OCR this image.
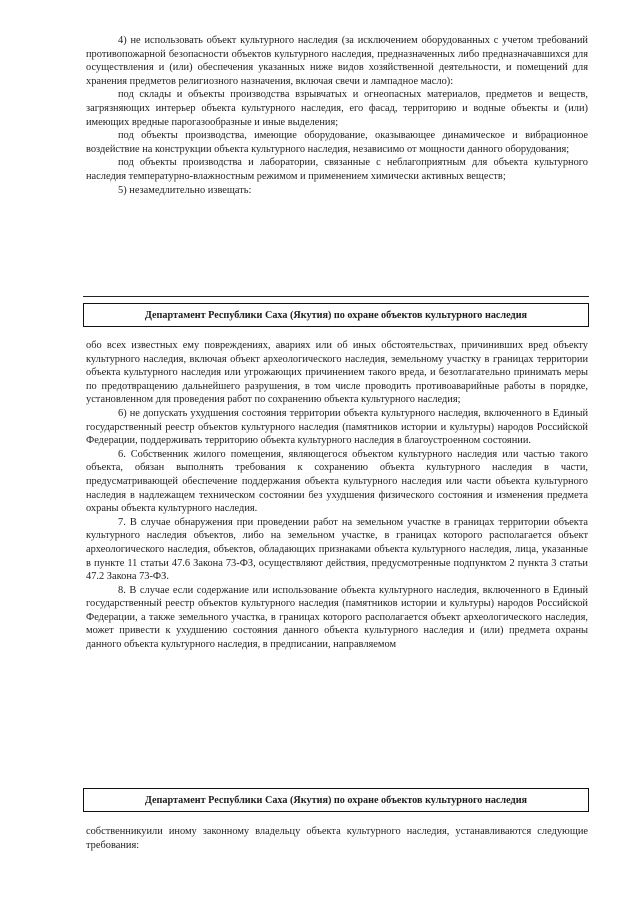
4) не использовать объект культурного наследия (за исключением оборудованных с учетом требований противопожарной безопасности объектов культурного наследия, предназначенных либо предназначавшихся для осуществления и (или) обеспечения указанных ниже видов хозяйственной деятельности, и помещений для хранения предметов религиозного назначения, включая свечи и лампадное масло):

под склады и объекты производства взрывчатых и огнеопасных материалов, предметов и веществ, загрязняющих интерьер объекта культурного наследия, его фасад, территорию и водные объекты и (или) имеющих вредные парогазообразные и иные выделения;

под объекты производства, имеющие оборудование, оказывающее динамическое и вибрационное воздействие на конструкции объекта культурного наследия, независимо от мощности данного оборудования;

под объекты производства и лаборатории, связанные с неблагоприятным для объекта культурного наследия температурно-влажностным режимом и применением химически активных веществ;

5) незамедлительно извещать:

Департамент Республики Саха (Якутия) по охране объектов культурного наследия

обо всех известных ему повреждениях, авариях или об иных обстоятельствах, причинивших вред объекту культурного наследия, включая объект археологического наследия, земельному участку в границах территории объекта культурного наследия или угрожающих причинением такого вреда, и безотлагательно принимать меры по предотвращению дальнейшего разрушения, в том числе проводить противоаварийные работы в порядке, установленном для проведения работ по сохранению объекта культурного наследия;

6) не допускать ухудшения состояния территории объекта культурного наследия, включенного в Единый государственный реестр объектов культурного наследия (памятников истории и культуры) народов Российской Федерации, поддерживать территорию объекта культурного наследия в благоустроенном состоянии.

6. Собственник жилого помещения, являющегося объектом культурного наследия или частью такого объекта, обязан выполнять требования к сохранению объекта культурного наследия в части, предусматривающей обеспечение поддержания объекта культурного наследия или части объекта культурного наследия в надлежащем техническом состоянии без ухудшения физического состояния и изменения предмета охраны объекта культурного наследия.

7. В случае обнаружения при проведении работ на земельном участке в границах территории объекта культурного наследия объектов, либо на земельном участке, в границах которого располагается объект археологического наследия, объектов, обладающих признаками объекта культурного наследия, лица, указанные в пункте 11 статьи 47.6 Закона 73-ФЗ, осуществляют действия, предусмотренные подпунктом 2 пункта 3 статьи 47.2 Закона 73-ФЗ.

8. В случае если содержание или использование объекта культурного наследия, включенного в Единый государственный реестр объектов культурного наследия (памятников истории и культуры) народов Российской Федерации, а также земельного участка, в границах которого располагается объект археологического наследия, может привести к ухудшению состояния данного объекта культурного наследия и (или) предмета охраны данного объекта культурного наследия, в предписании, направляемом

Департамент Республики Саха (Якутия) по охране объектов культурного наследия

собственникуили иному законному владельцу объекта культурного наследия, устанавливаются следующие требования:
